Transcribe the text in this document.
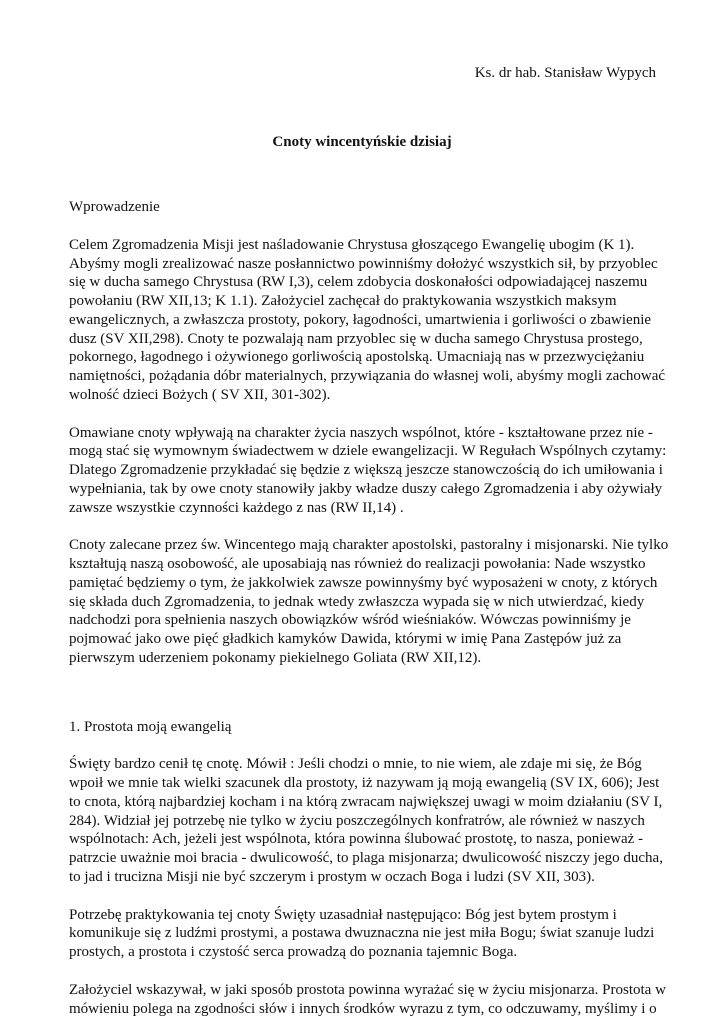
Ks. dr hab. Stanisław Wypych
Cnoty wincentyńskie dzisiaj

Wprowadzenie

Celem Zgromadzenia Misji jest naśladowanie Chrystusa głoszącego Ewangelię ubogim (K 1).
Abyśmy mogli zrealizować nasze posłannictwo powinniśmy dołożyć wszystkich sił, by przyoblec
się w ducha samego Chrystusa (RW I,3), celem zdobycia doskonałości odpowiadającej naszemu
powołaniu (RW XII,13; K 1.1). Założyciel zachęcał do praktykowania wszystkich maksym
ewangelicznych, a zwłaszcza prostoty, pokory, łagodności, umartwienia i gorliwości o zbawienie
dusz (SV XII,298). Cnoty te pozwalają nam przyoblec się w ducha samego Chrystusa prostego,
pokornego, łagodnego i ożywionego gorliwością apostolską. Umacniają nas w przezwyciężaniu
namiętności, pożądania dóbr materialnych, przywiązania do własnej woli, abyśmy mogli zachować
wolność dzieci Bożych ( SV XII, 301-302).

Omawiane cnoty wpływają na charakter życia naszych wspólnot, które - kształtowane przez nie -
mogą stać się wymownym świadectwem w dziele ewangelizacji. W Regułach Wspólnych czytamy:
Dlatego Zgromadzenie przykładać się będzie z większą jeszcze stanowczością do ich umiłowania i
wypełniania, tak by owe cnoty stanowiły jakby władze duszy całego Zgromadzenia i aby ożywiały
zawsze wszystkie czynności każdego z nas (RW II,14) .

Cnoty zalecane przez św. Wincentego mają charakter apostolski, pastoralny i misjonarski. Nie tylko
kształtują naszą osobowość, ale uposabiają nas również do realizacji powołania: Nade wszystko
pamiętać będziemy o tym, że jakkolwiek zawsze powinnyśmy być wyposażeni w cnoty, z których
się składa duch Zgromadzenia, to jednak wtedy zwłaszcza wypada się w nich utwierdzać, kiedy
nadchodzi pora spełnienia naszych obowiązków wśród wieśniaków. Wówczas powinniśmy je
pojmować jako owe pięć gładkich kamyków Dawida, którymi w imię Pana Zastępów już za
pierwszym uderzeniem pokonamy piekielnego Goliata (RW XII,12).

1. Prostota moją ewangelią

Święty bardzo cenił tę cnotę. Mówił : Jeśli chodzi o mnie, to nie wiem, ale zdaje mi się, że Bóg
wpoił we mnie tak wielki szacunek dla prostoty, iż nazywam ją moją ewangelią (SV IX, 606); Jest
to cnota, którą najbardziej kocham i na którą zwracam największej uwagi w moim działaniu (SV I,
284). Widział jej potrzebę nie tylko w życiu poszczególnych konfratrów, ale również w naszych
wspólnotach: Ach, jeżeli jest wspólnota, która powinna ślubować prostotę, to nasza, ponieważ -
patrzcie uważnie moi bracia - dwulicowość, to plaga misjonarza; dwulicowość niszczy jego ducha,
to jad i trucizna Misji nie być szczerym i prostym w oczach Boga i ludzi (SV XII, 303).

Potrzebę praktykowania tej cnoty Święty uzasadniał następująco: Bóg jest bytem prostym i
komunikuje się z ludźmi prostymi, a postawa dwuznaczna nie jest miła Bogu; świat szanuje ludzi
prostych, a prostota i czystość serca prowadzą do poznania tajemnic Boga.

Założyciel wskazywał, w jaki sposób prostota powinna wyrażać się w życiu misjonarza. Prostota w
mówieniu polega na zgodności słów i innych środków wyrazu z tym, co odczuwamy, myślimy i o
